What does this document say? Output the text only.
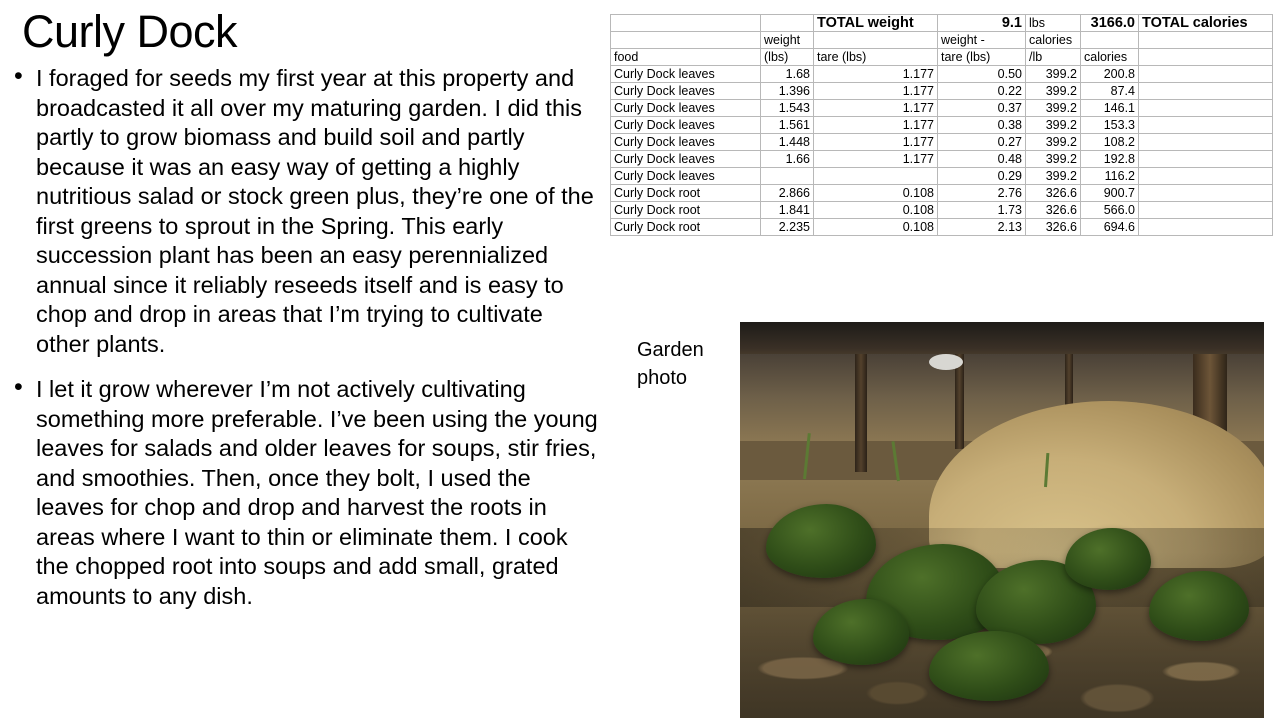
Curly Dock
• I foraged for seeds my first year at this property and broadcasted it all over my maturing garden. I did this partly to grow biomass and build soil and partly because it was an easy way of getting a highly nutritious salad or stock green plus, they’re one of the first greens to sprout in the Spring. This early succession plant has been an easy perennialized annual since it reliably reseeds itself and is easy to chop and drop in areas that I’m trying to cultivate other plants.
• I let it grow wherever I’m not actively cultivating something more preferable. I’ve been using the young leaves for salads and older leaves for soups, stir fries, and smoothies. Then, once they bolt, I used the leaves for chop and drop and harvest the roots in areas where I want to thin or eliminate them. I cook the chopped root into soups and add small, grated amounts to any dish.
		TOTAL weight	9.1	lbs	3166.0	TOTAL calories
	weight		weight -	calories		
food	(lbs)	tare (lbs)	tare (lbs)	/lb	calories	
Curly Dock leaves	1.68	1.177	0.50	399.2	200.8	
Curly Dock leaves	1.396	1.177	0.22	399.2	87.4	
Curly Dock leaves	1.543	1.177	0.37	399.2	146.1	
Curly Dock leaves	1.561	1.177	0.38	399.2	153.3	
Curly Dock leaves	1.448	1.177	0.27	399.2	108.2	
Curly Dock leaves	1.66	1.177	0.48	399.2	192.8	
Curly Dock leaves			0.29	399.2	116.2	
Curly Dock root	2.866	0.108	2.76	326.6	900.7	
Curly Dock root	1.841	0.108	1.73	326.6	566.0	
Curly Dock root	2.235	0.108	2.13	326.6	694.6	
Garden photo
